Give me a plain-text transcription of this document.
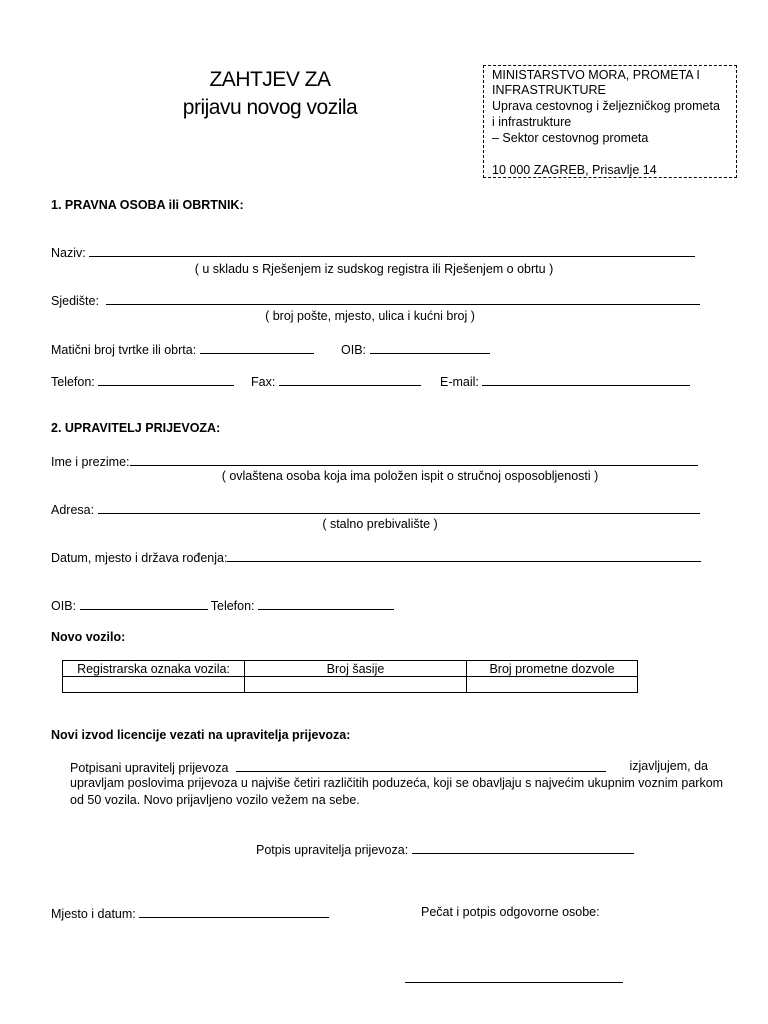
ZAHTJEV ZA
prijavu novog vozila
MINISTARSTVO MORA, PROMETA I
INFRASTRUKTURE
Uprava cestovnog i željezničkog prometa
i infrastrukture
– Sektor cestovnog prometa
10 000 ZAGREB, Prisavlje 14
1. PRAVNA OSOBA ili OBRTNIK:
Naziv:
( u skladu s Rješenjem iz sudskog registra ili Rješenjem o obrtu )
Sjedište:
( broj pošte, mjesto, ulica i kućni broj )
Matični broj tvrtke ili obrta:	OIB:
Telefon:	Fax:	E-mail:
2. UPRAVITELJ PRIJEVOZA:
Ime i prezime:
( ovlaštena osoba koja ima položen ispit o stručnoj osposobljenosti )
Adresa:
( stalno prebivalište )
Datum, mjesto i država rođenja:
OIB:	Telefon:
Novo vozilo:
Registrarska oznaka vozila:	Broj šasije	Broj prometne dozvole

Novi izvod licencije vezati na upravitelja prijevoza:
Potpisani upravitelj prijevoza	izjavljujem, da
upravljam poslovima prijevoza u najviše četiri različitih poduzeća, koji se obavljaju s najvećim ukupnim voznim parkom
od 50 vozila. Novo prijavljeno vozilo vežem na sebe.
Potpis upravitelja prijevoza:
Mjesto i datum:	Pečat i potpis odgovorne osobe:
